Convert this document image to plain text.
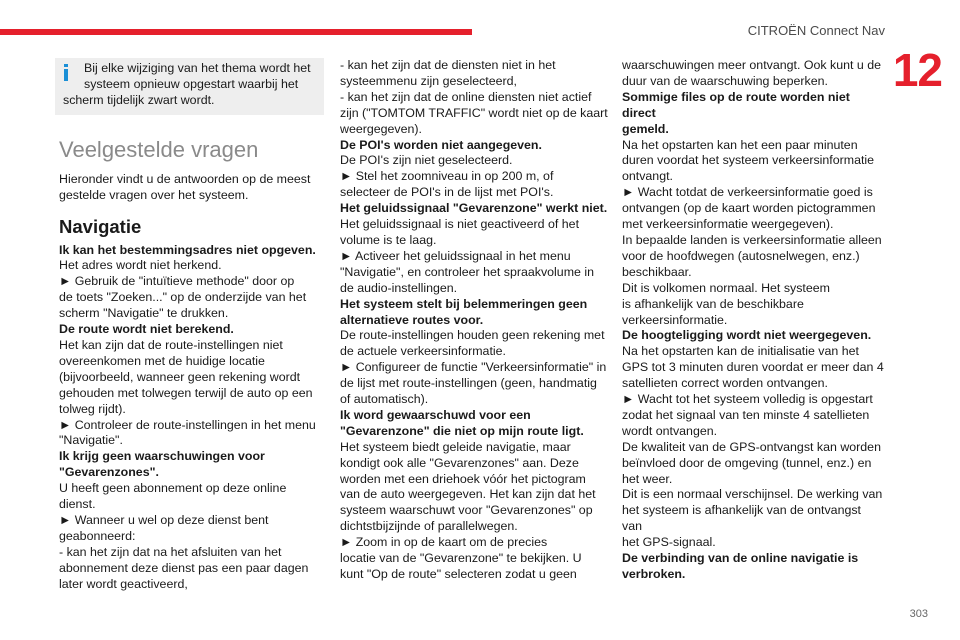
CITROËN Connect Nav
12
303

Bij elke wijziging van het thema wordt het

systeem opnieuw opgestart waarbij het

scherm tijdelijk zwart wordt.

Veelgestelde vragen

Hieronder vindt u de antwoorden op de meest gestelde vragen over het systeem.

Navigatie

Ik kan het bestemmingsadres niet opgeven.

Het adres wordt niet herkend.

► Gebruik de "intuïtieve methode" door op

de toets "Zoeken..." op de onderzijde van het

scherm "Navigatie" te drukken.

De route wordt niet berekend.

Het kan zijn dat de route-instellingen niet

overeenkomen met de huidige locatie

(bijvoorbeeld, wanneer geen rekening wordt

gehouden met tolwegen terwijl de auto op een

tolweg rijdt).

► Controleer de route-instellingen in het menu

"Navigatie".

Ik krijg geen waarschuwingen voor

"Gevarenzones".

U heeft geen abonnement op deze online dienst.

► Wanneer u wel op deze dienst bent

geabonneerd:

- kan het zijn dat na het afsluiten van het

abonnement deze dienst pas een paar dagen

later wordt geactiveerd,

- kan het zijn dat de diensten niet in het

systeemmenu zijn geselecteerd,

- kan het zijn dat de online diensten niet actief

zijn ("TOMTOM TRAFFIC" wordt niet op de kaart

weergegeven).

De POI's worden niet aangegeven.

De POI's zijn niet geselecteerd.

► Stel het zoomniveau in op 200 m, of

selecteer de POI's in de lijst met POI's.

Het geluidssignaal "Gevarenzone" werkt niet.

Het geluidssignaal is niet geactiveerd of het

volume is te laag.

► Activeer het geluidssignaal in het menu

"Navigatie", en controleer het spraakvolume in

de audio-instellingen.

Het systeem stelt bij belemmeringen geen

alternatieve routes voor.

De route-instellingen houden geen rekening met

de actuele verkeersinformatie.

► Configureer de functie "Verkeersinformatie" in

de lijst met route-instellingen (geen, handmatig

of automatisch).

Ik word gewaarschuwd voor een

"Gevarenzone" die niet op mijn route ligt.

Het systeem biedt geleide navigatie, maar

kondigt ook alle "Gevarenzones" aan. Deze

worden met een driehoek vóór het pictogram

van de auto weergegeven. Het kan zijn dat het

systeem waarschuwt voor "Gevarenzones" op

dichtstbijzijnde of parallelwegen.

► Zoom in op de kaart om de precies

locatie van de "Gevarenzone" te bekijken. U

kunt "Op de route" selecteren zodat u geen

waarschuwingen meer ontvangt. Ook kunt u de

duur van de waarschuwing beperken.

Sommige files op de route worden niet direct

gemeld.

Na het opstarten kan het een paar minuten

duren voordat het systeem verkeersinformatie

ontvangt.

► Wacht totdat de verkeersinformatie goed is

ontvangen (op de kaart worden pictogrammen

met verkeersinformatie weergegeven).

In bepaalde landen is verkeersinformatie alleen

voor de hoofdwegen (autosnelwegen, enz.)

beschikbaar.

Dit is volkomen normaal. Het systeem

is afhankelijk van de beschikbare

verkeersinformatie.

De hoogteligging wordt niet weergegeven.

Na het opstarten kan de initialisatie van het

GPS tot 3 minuten duren voordat er meer dan 4

satellieten correct worden ontvangen.

► Wacht tot het systeem volledig is opgestart

zodat het signaal van ten minste 4 satellieten

wordt ontvangen.

De kwaliteit van de GPS-ontvangst kan worden

beïnvloed door de omgeving (tunnel, enz.) en

het weer.

Dit is een normaal verschijnsel. De werking van

het systeem is afhankelijk van de ontvangst van

het GPS-signaal.

De verbinding van de online navigatie is

verbroken.
